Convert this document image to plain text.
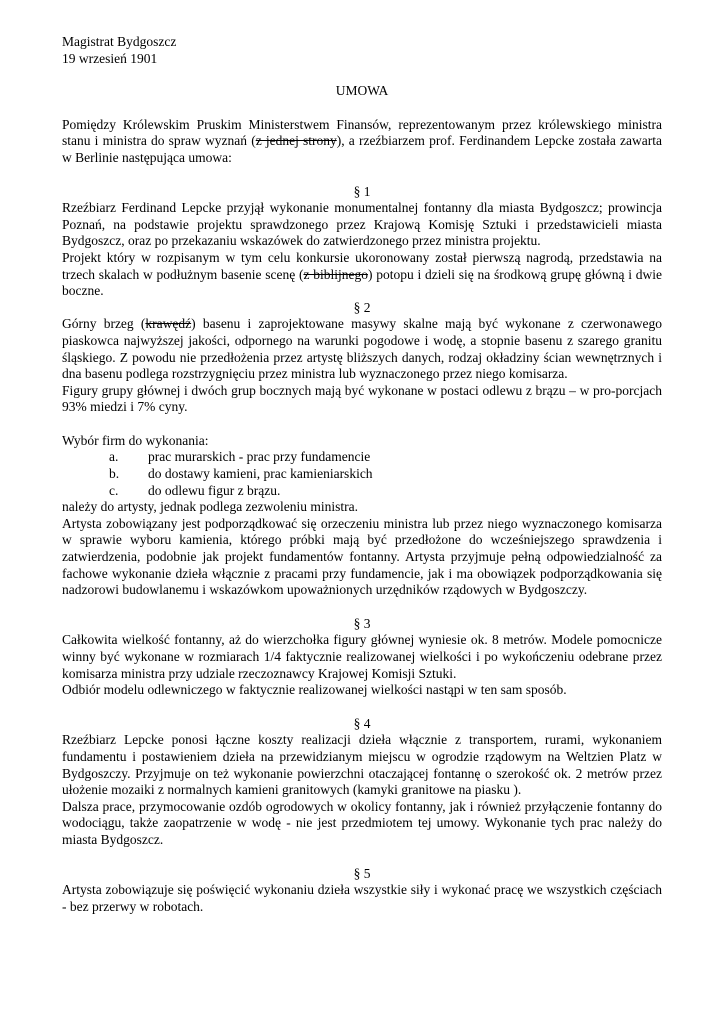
Magistrat Bydgoszcz
19 wrzesień 1901
UMOWA

Pomiędzy Królewskim Pruskim Ministerstwem Finansów, reprezentowanym przez królewskiego ministra stanu i ministra do spraw wyznań (z jednej strony), a rzeźbiarzem prof. Ferdinandem Lepcke została zawarta w Berlinie następująca umowa:

§ 1

Rzeźbiarz Ferdinand Lepcke przyjął wykonanie monumentalnej fontanny dla miasta Bydgoszcz; prowincja Poznań, na podstawie projektu sprawdzonego przez Krajową Komisję Sztuki i przedstawicieli miasta Bydgoszcz, oraz po przekazaniu wskazówek do zatwierdzonego przez ministra projektu.

Projekt który w rozpisanym w tym celu konkursie ukoronowany został pierwszą nagrodą, przedstawia na trzech skalach w podłużnym basenie scenę (z biblijnego) potopu i dzieli się na środkową grupę główną i dwie boczne.

§ 2

Górny brzeg (krawędź) basenu i zaprojektowane masywy skalne mają być wykonane z czerwonawego piaskowca najwyższej jakości, odpornego na warunki pogodowe i wodę, a stopnie basenu z szarego granitu śląskiego. Z powodu nie przedłożenia przez artystę bliższych danych, rodzaj okładziny ścian wewnętrznych i dna basenu podlega rozstrzygnięciu przez ministra lub wyznaczonego przez niego komisarza.

Figury grupy głównej i dwóch grup bocznych mają być wykonane w postaci odlewu z brązu – w pro-porcjach 93% miedzi i 7% cyny.

Wybór firm do wykonania:

a.	prac murarskich - prac przy fundamencie
b.	do dostawy kamieni, prac kamieniarskich
c.	do odlewu figur z brązu.

należy do artysty, jednak podlega zezwoleniu ministra.

Artysta zobowiązany jest podporządkować się orzeczeniu ministra lub przez niego wyznaczonego komisarza w sprawie wyboru kamienia, którego próbki mają być przedłożone do wcześniejszego sprawdzenia i zatwierdzenia, podobnie jak projekt fundamentów fontanny. Artysta przyjmuje pełną odpowiedzialność za fachowe wykonanie dzieła włącznie z pracami przy fundamencie, jak i ma obowiązek podporządkowania się nadzorowi budowlanemu i wskazówkom upoważnionych urzędników rządowych w Bydgoszczy.

§ 3

Całkowita wielkość fontanny, aż do wierzchołka figury głównej wyniesie ok. 8 metrów. Modele pomocnicze winny być wykonane w rozmiarach 1/4 faktycznie realizowanej wielkości i po wykończeniu odebrane przez komisarza ministra przy udziale rzeczoznawcy Krajowej Komisji Sztuki.

Odbiór modelu odlewniczego w faktycznie realizowanej wielkości nastąpi w ten sam sposób.

§ 4

Rzeźbiarz Lepcke ponosi łączne koszty realizacji dzieła włącznie z transportem, rurami, wykonaniem fundamentu i postawieniem dzieła na przewidzianym miejscu w ogrodzie rządowym na Weltzien Platz w Bydgoszczy. Przyjmuje on też wykonanie powierzchni otaczającej fontannę o szerokość ok. 2 metrów przez ułożenie mozaiki z normalnych kamieni granitowych (kamyki granitowe na piasku ).

Dalsza prace, przymocowanie ozdób ogrodowych w okolicy fontanny, jak i również przyłączenie fontanny do wodociągu, także zaopatrzenie w wodę - nie jest przedmiotem tej umowy. Wykonanie tych prac należy do miasta Bydgoszcz.

§ 5

Artysta zobowiązuje się poświęcić wykonaniu dzieła wszystkie siły i wykonać pracę we wszystkich częściach - bez przerwy w robotach.
